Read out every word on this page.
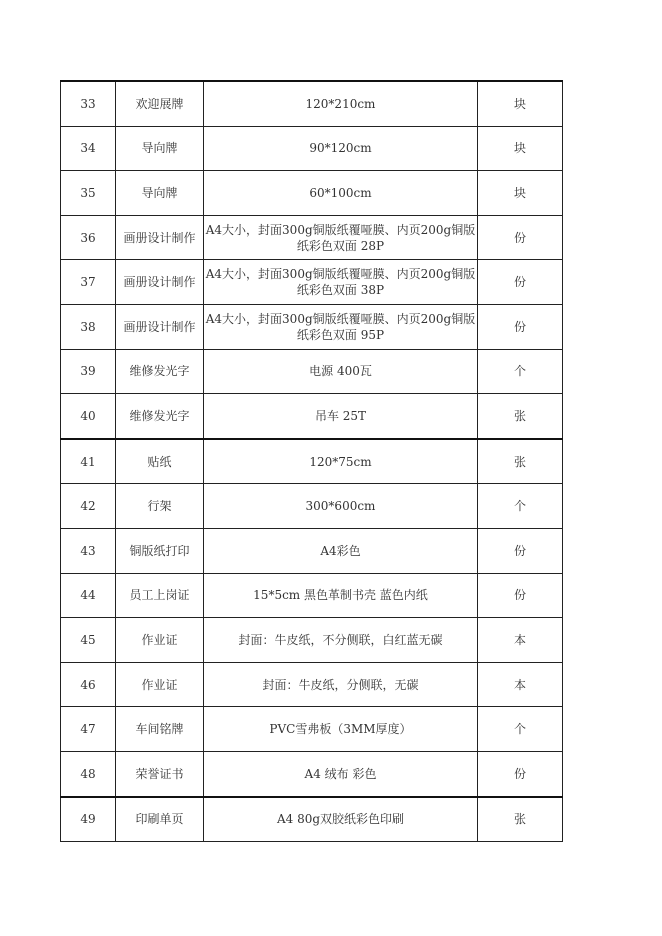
33	欢迎展牌	120*210cm	块
34	导向牌	90*120cm	块
35	导向牌	60*100cm	块
36	画册设计制作	A4大小，封面300g铜版纸覆哑膜、内页200g铜版纸彩色双面 28P	份
37	画册设计制作	A4大小，封面300g铜版纸覆哑膜、内页200g铜版纸彩色双面 38P	份
38	画册设计制作	A4大小，封面300g铜版纸覆哑膜、内页200g铜版纸彩色双面 95P	份
39	维修发光字	电源 400瓦	个
40	维修发光字	吊车 25T	张
41	贴纸	120*75cm	张
42	行架	300*600cm	个
43	铜版纸打印	A4彩色	份
44	员工上岗证	15*5cm 黑色革制书壳 蓝色内纸	份
45	作业证	封面：牛皮纸，不分侧联，白红蓝无碳	本
46	作业证	封面：牛皮纸，分侧联，无碳	本
47	车间铭牌	PVC雪弗板（3MM厚度）	个
48	荣誉证书	A4 绒布 彩色	份
49	印刷单页	A4 80g双胶纸彩色印刷	张
